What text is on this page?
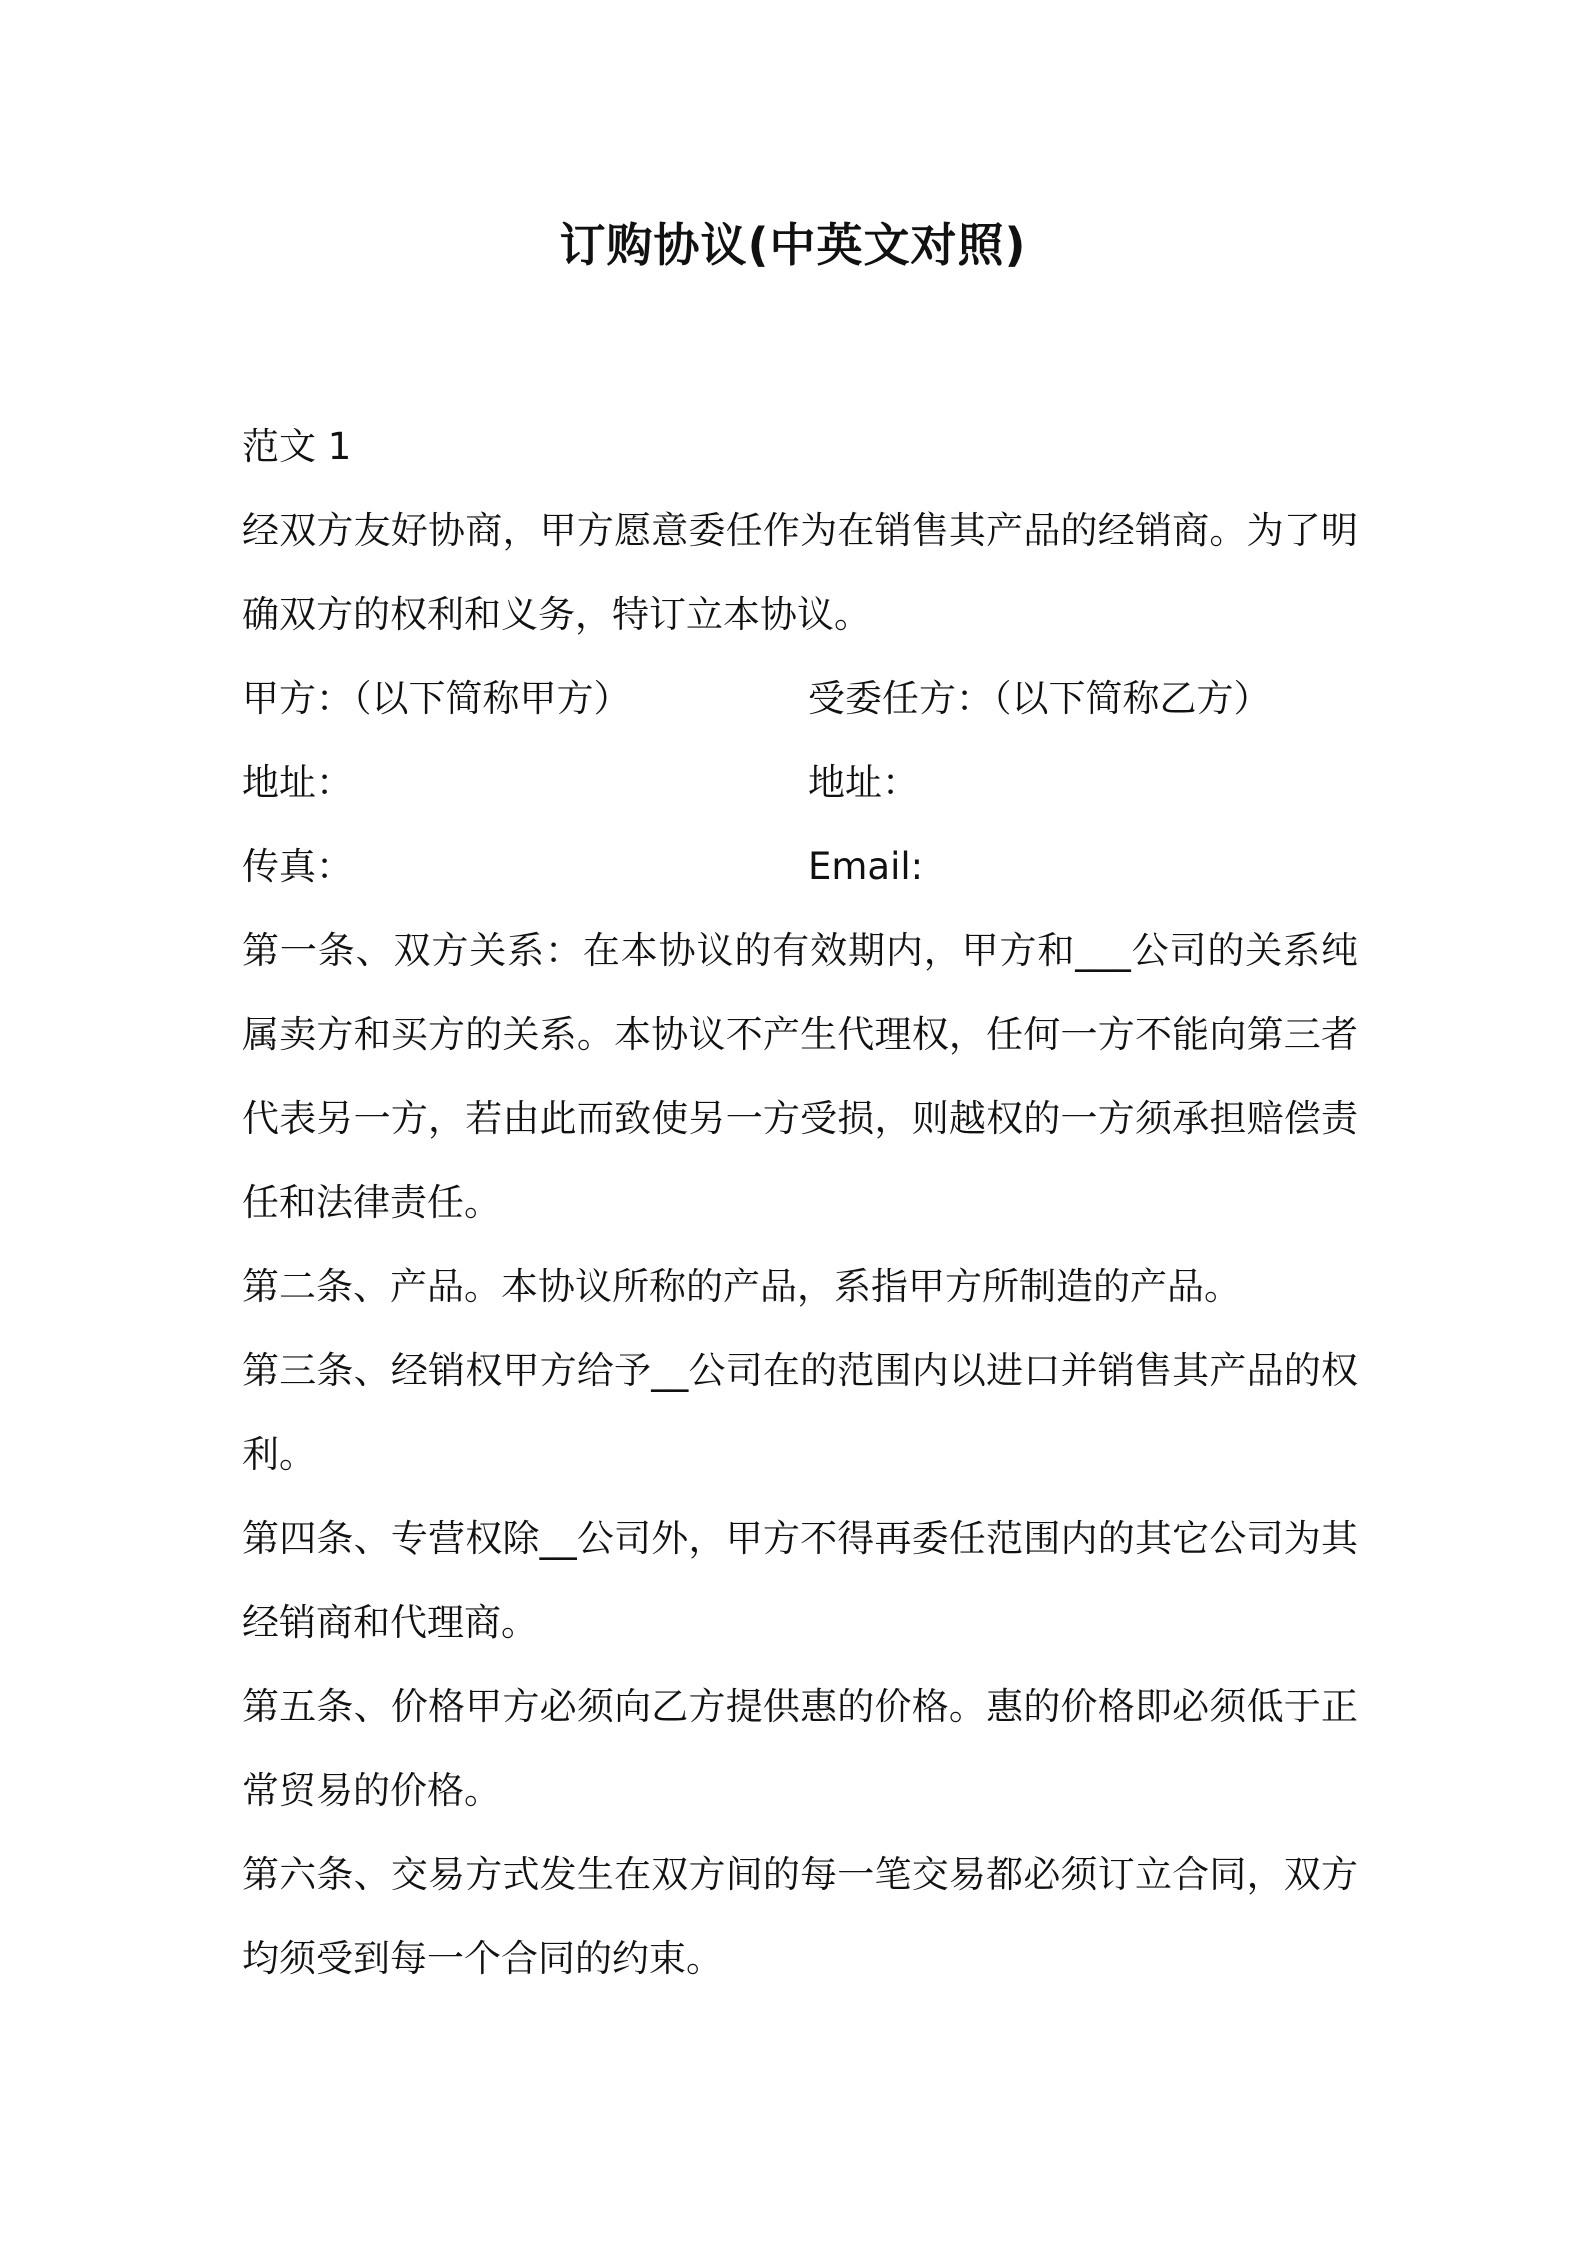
订购协议(中英文对照)

范文 1

经双方友好协商，甲方愿意委任作为在销售其产品的经销商。为了明确双方的权利和义务，特订立本协议。

甲方：（以下简称甲方）	受委任方：（以下简称乙方）
地址：	地址：
传真：	Email:

第一条、双方关系：在本协议的有效期内，甲方和___公司的关系纯属卖方和买方的关系。本协议不产生代理权，任何一方不能向第三者代表另一方，若由此而致使另一方受损，则越权的一方须承担赔偿责任和法律责任。

第二条、产品。本协议所称的产品，系指甲方所制造的产品。

第三条、经销权甲方给予__公司在的范围内以进口并销售其产品的权利。

第四条、专营权除__公司外，甲方不得再委任范围内的其它公司为其经销商和代理商。

第五条、价格甲方必须向乙方提供惠的价格。惠的价格即必须低于正常贸易的价格。

第六条、交易方式发生在双方间的每一笔交易都必须订立合同，双方均须受到每一个合同的约束。
